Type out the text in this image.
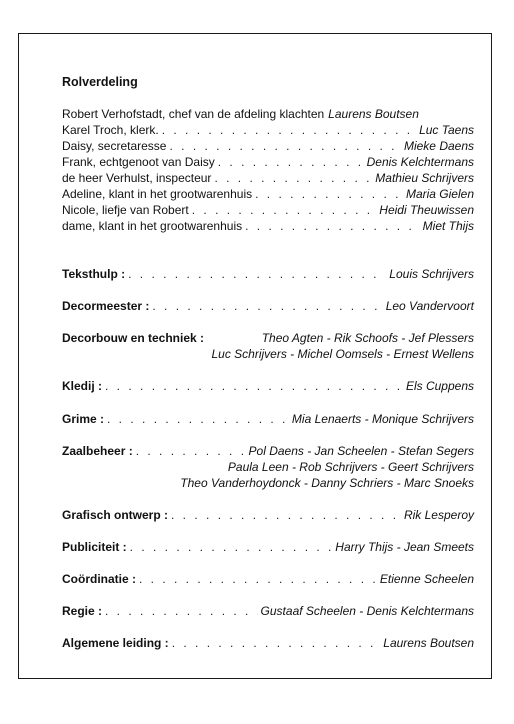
Rolverdeling
Robert Verhofstadt, chef van de afdeling klachten Laurens Boutsen
Karel Troch, klerk. . . .	Luc Taens
Daisy, secretaresse . . .	Mieke Daens
Frank, echtgenoot van Daisy . . .	Denis Kelchtermans
de heer Verhulst, inspecteur . . .	Mathieu Schrijvers
Adeline, klant in het grootwarenhuis . . .	Maria Gielen
Nicole, liefje van Robert . . .	Heidi Theuwissen
dame, klant in het grootwarenhuis . . .	Miet Thijs
Teksthulp : . . .	Louis Schrijvers
Decormeester : . . .	Leo Vandervoort
Decorbouw en techniek :	Theo Agten - Rik Schoofs - Jef Plessers
Luc Schrijvers - Michel Oomsels - Ernest Wellens
Kledij : . . .	Els Cuppens
Grime : . . .	Mia Lenaerts - Monique Schrijvers
Zaalbeheer : . . .	Pol Daens - Jan Scheelen - Stefan Segers
Paula Leen - Rob Schrijvers - Geert Schrijvers
Theo Vanderhoydonck - Danny Schriers - Marc Snoeks
Grafisch ontwerp : . . .	Rik Lesperoy
Publiciteit : . . .	Harry Thijs - Jean Smeets
Coördinatie : . . .	Etienne Scheelen
Regie : . . .	Gustaaf Scheelen - Denis Kelchtermans
Algemene leiding : . . .	Laurens Boutsen
